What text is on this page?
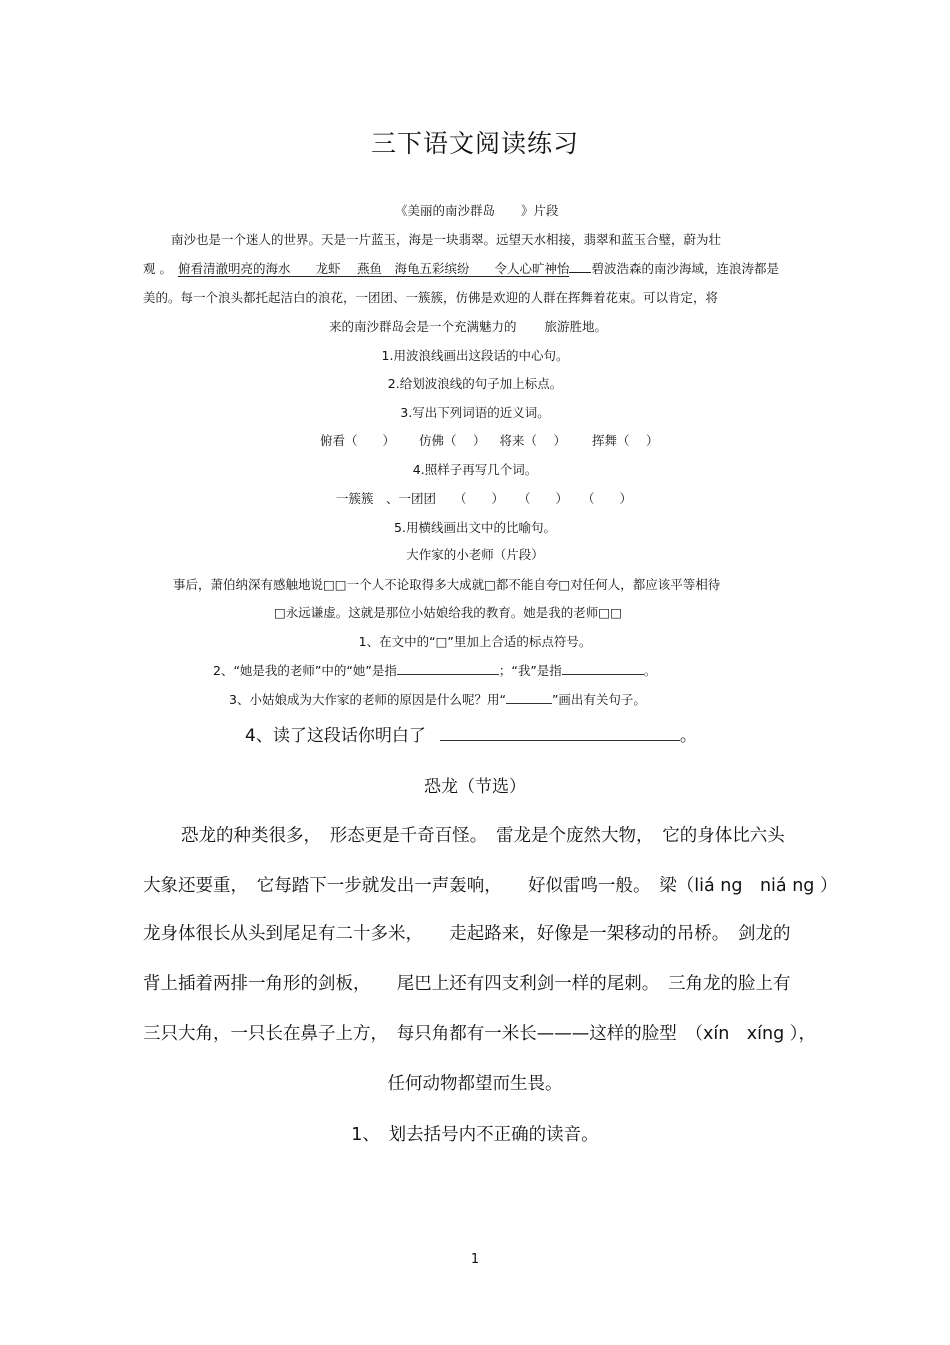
三下语文阅读练习
《美丽的南沙群岛 》片段
南沙也是一个迷人的世界。天是一片蓝玉，海是一块翡翠。远望天水相接，翡翠和蓝玉合璧，蔚为壮
观 。 俯看清澈明亮的海水　　龙虾　 燕鱼　海龟五彩缤纷　　令人心旷神怡 碧波浩森的南沙海域，连浪涛都是
美的。每一个浪头都托起洁白的浪花，一团团、一簇簇，仿佛是欢迎的人群在挥舞着花束。可以肯定，将
来的南沙群岛会是一个充满魅力的 旅游胜地。
1.用波浪线画出这段话的中心句。
2.给划波浪线的句子加上标点。
3.写出下列词语的近义词。
俯看（　　） 仿佛（　 ） 将来（　 ） 挥舞（　 ）
4.照样子再写几个词。
一簇簇　、一团团 （　　） （　　） （　　）
5.用横线画出文中的比喻句。
大作家的小老师（片段）
事后，萧伯纳深有感触地说□□一个人不论取得多大成就□都不能自夸□对任何人，都应该平等相待
□永远谦虚。这就是那位小姑娘给我的教育。她是我的老师□□
1、在文中的“□”里加上合适的标点符号。
2、“她是我的老师”中的“她”是指	；“我”是指	。
3、小姑娘成为大作家的老师的原因是什么呢？用“	”画出有关句子。
4、读了这段话你明白了	。
恐龙（节选）
恐龙的种类很多，　形态更是千奇百怪。　雷龙是个庞然大物，　它的身体比六头
大象还要重，　它每踏下一步就发出一声轰响，　　好似雷鸣一般。　梁（liá ng　niá ng ）
龙身体很长从头到尾足有二十多米，　　走起路来，好像是一架移动的吊桥。　剑龙的
背上插着两排一角形的剑板，　　尾巴上还有四支利剑一样的尾刺。　三角龙的脸上有
三只大角，一只长在鼻子上方，　每只角都有一米长———这样的脸型　（xín　xíng ），
任何动物都望而生畏。
1、　划去括号内不正确的读音。
1
